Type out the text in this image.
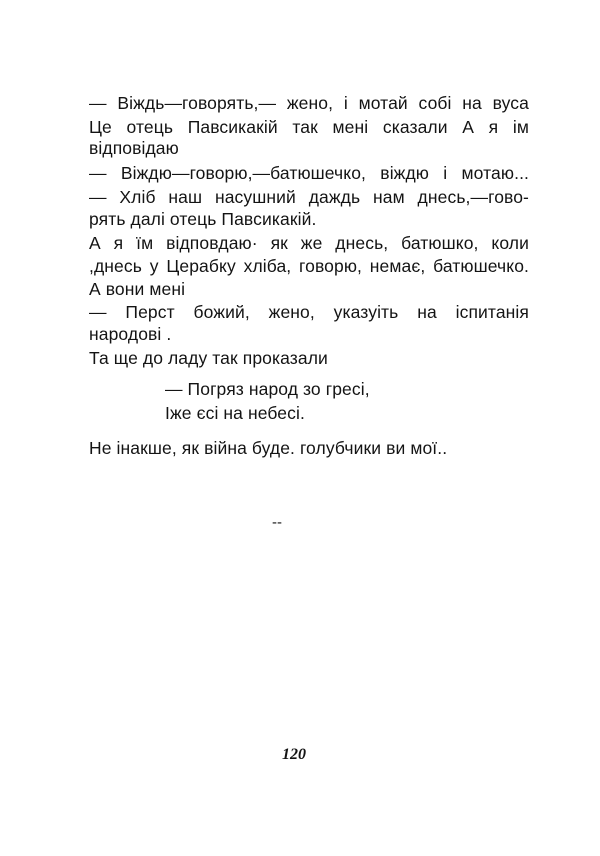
— Віждь—говорять,— жено, і мотай собі на вуса
Це отець Павсикакій так мені сказали А я ім
відповідаю
— Віждю—говорю,—батюшечко, віждю і мотаю...
— Хліб наш насушний даждь нам днесь,—гово-
рять далі отець Павсикакій.
А я їм відповдаю· як же днесь, батюшко, коли
,днесь у Церабку хліба, говорю, немає, батюшечко.
А вони мені
— Перст божий, жено, указуіть на іспитанія
народові .
Та ще до ладу так проказали
— Погряз народ зо гресі,
Іже єсі на небесі.
Не інакше, як війна буде. голубчики ви мої..
--
120
